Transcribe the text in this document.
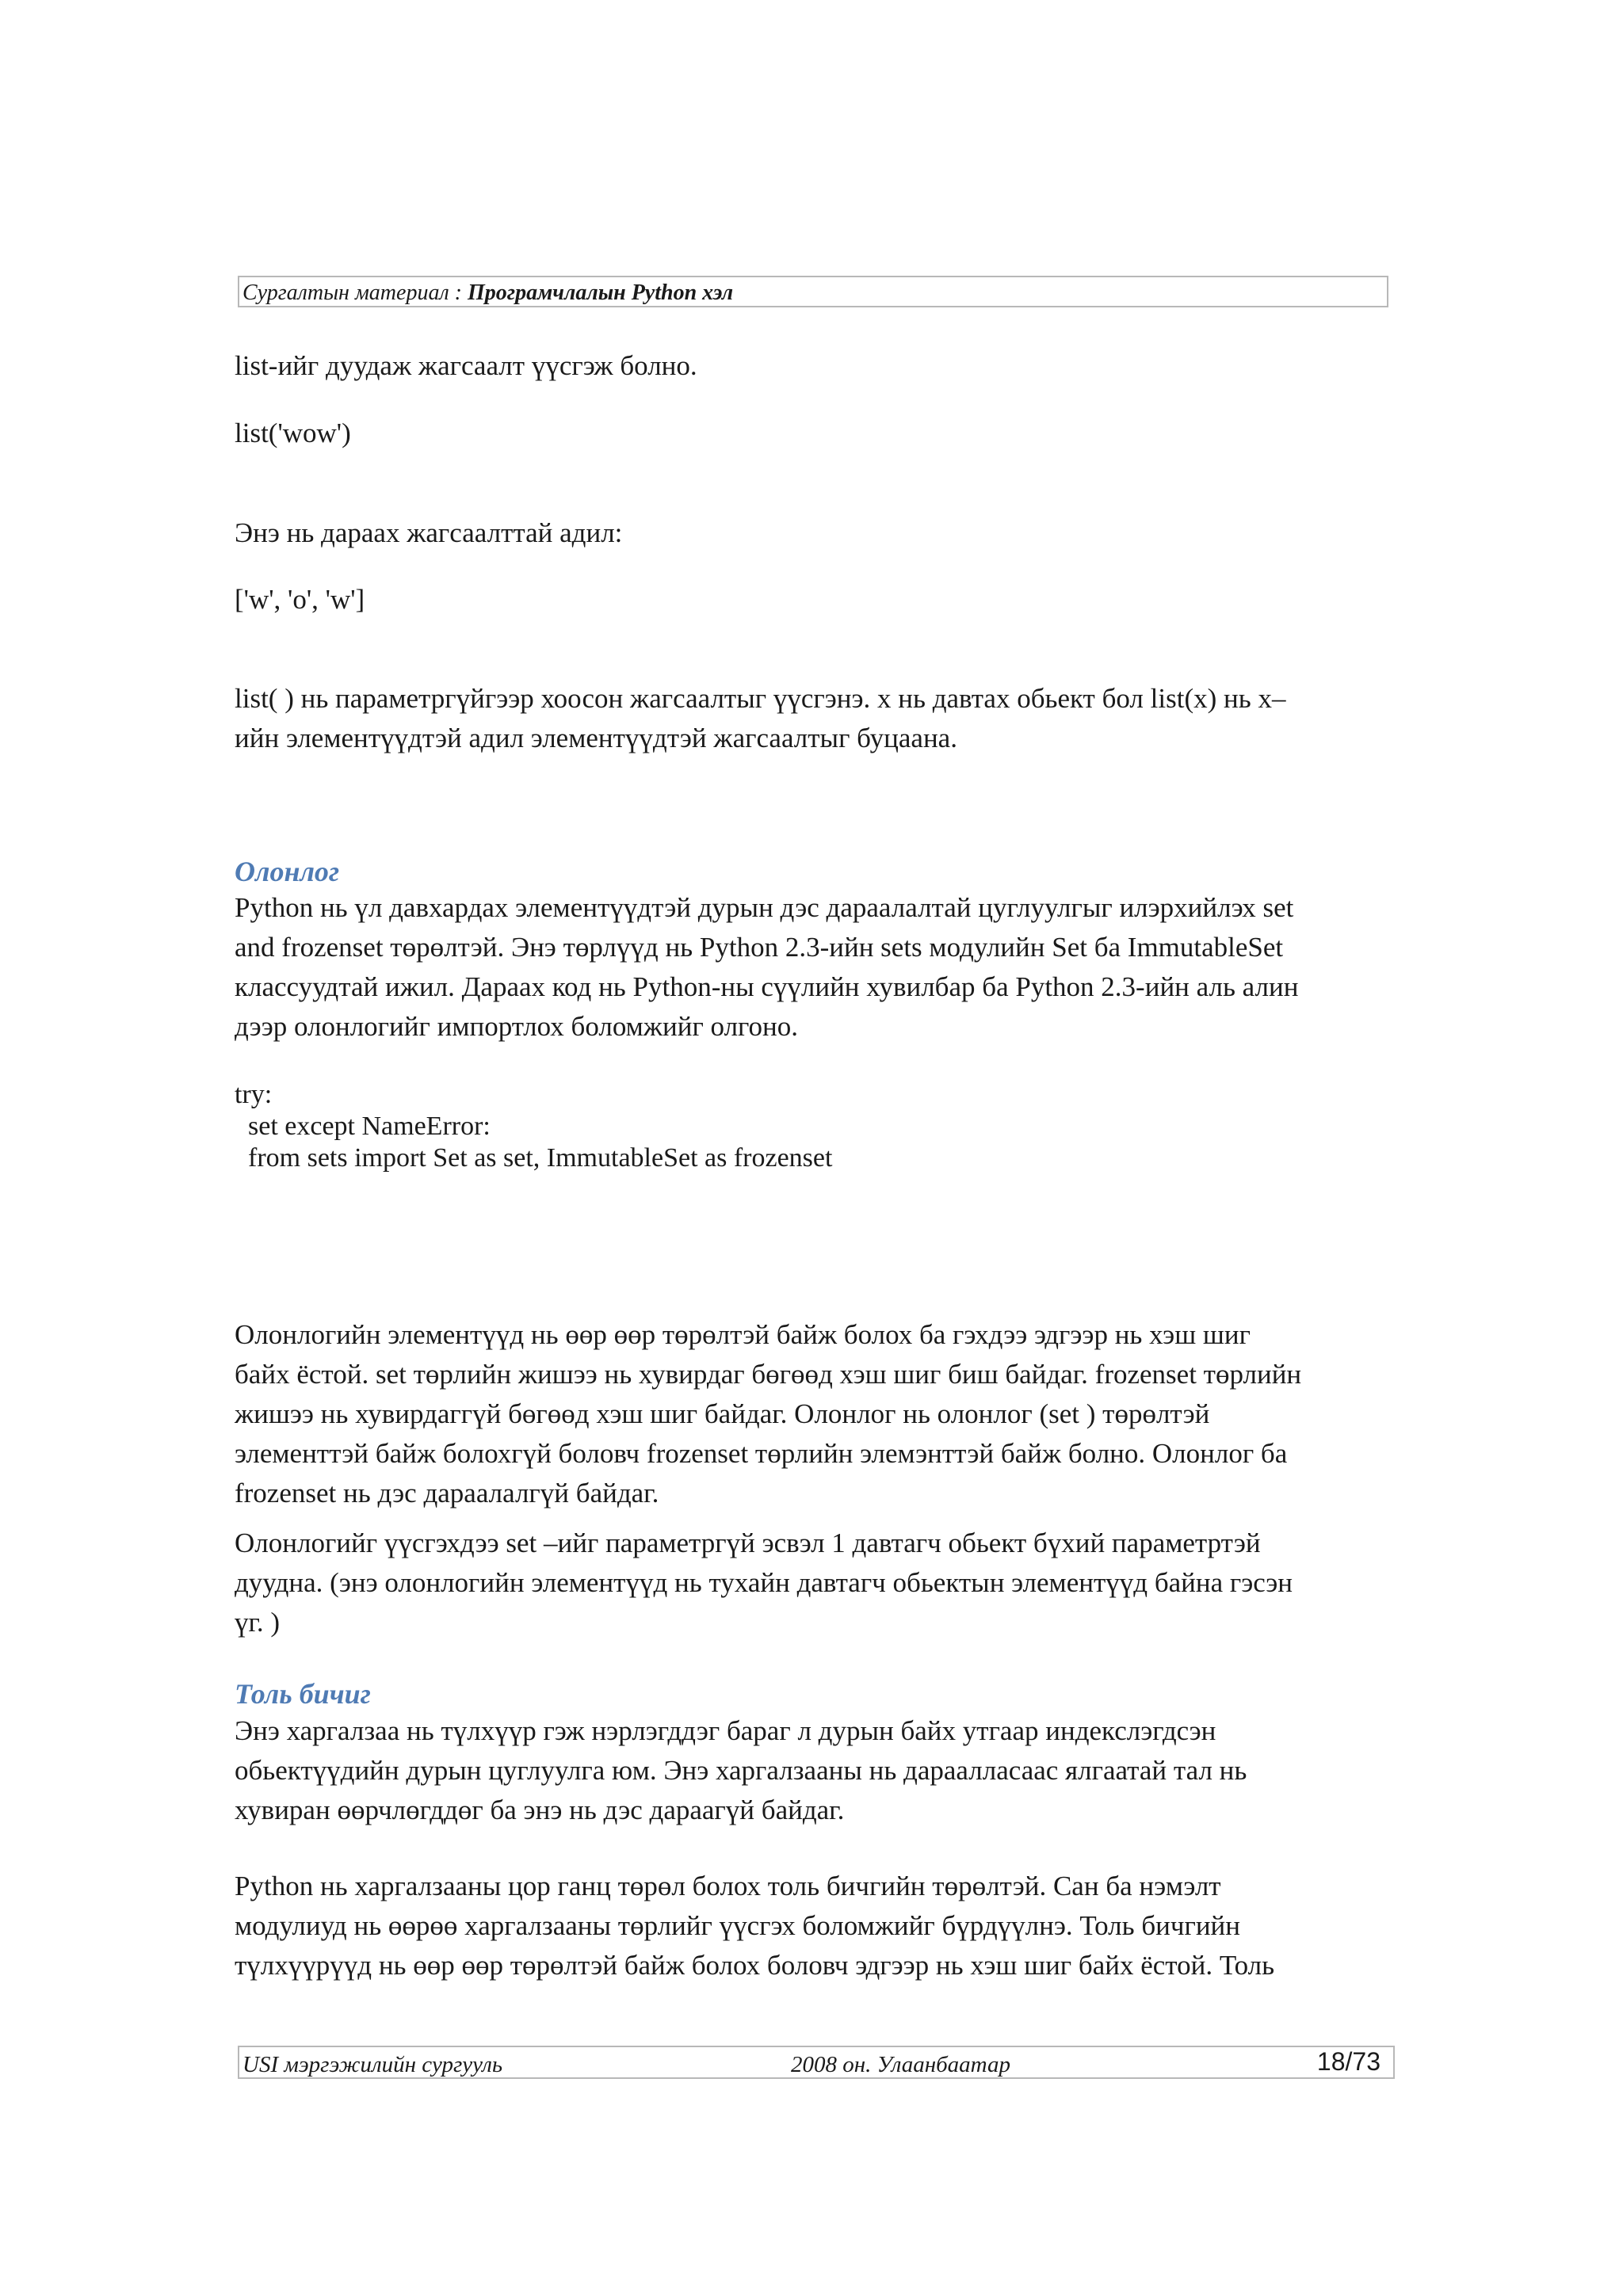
Сургалтын материал : Програмчлалын Python хэл

list-ийг дуудаж жагсаалт үүсгэж болно.

list('wow')

Энэ нь дараах жагсаалттай адил:

['w', 'o', 'w']

list( ) нь параметргүйгээр хоосон жагсаалтыг үүсгэнэ. x нь давтах обьект бол list(x) нь x–
ийн элементүүдтэй адил элементүүдтэй жагсаалтыг буцаана.
Олонлог
Python нь үл давхардах элементүүдтэй дурын дэс дараалалтай цуглуулгыг илэрхийлэх set
and frozenset төрөлтэй. Энэ төрлүүд нь Python 2.3-ийн sets модулийн Set ба ImmutableSet
классуудтай ижил. Дараах код нь Python-ны сүүлийн хувилбар ба Python 2.3-ийн аль алин
дээр олонлогийг импортлох боломжийг олгоно.
try:
set except NameError:
from sets import Set as set, ImmutableSet as frozenset
Олонлогийн элементүүд нь өөр өөр төрөлтэй байж болох ба гэхдээ эдгээр нь хэш шиг
байх ёстой. set төрлийн жишээ нь хувирдаг бөгөөд хэш шиг биш байдаг. frozenset төрлийн
жишээ нь хувирдаггүй бөгөөд хэш шиг байдаг. Олонлог нь олонлог (set ) төрөлтэй
элементтэй байж болохгүй боловч frozenset төрлийн элемэнттэй байж болно. Олонлог ба
frozenset нь дэс дараалалгүй байдаг.
Олонлогийг үүсгэхдээ set –ийг параметргүй эсвэл 1 давтагч обьект бүхий параметртэй
дуудна. (энэ олонлогийн элементүүд нь тухайн давтагч обьектын элементүүд байна гэсэн
үг. )
Толь бичиг
Энэ харгалзаа нь түлхүүр гэж нэрлэгддэг бараг л дурын байх утгаар индекслэгдсэн
обьектүүдийн дурын цуглуулга юм. Энэ харгалзааны нь дараалласаас ялгаатай тал нь
хувиран өөрчлөгддөг ба энэ нь дэс дараагүй байдаг.
Python нь харгалзааны цор ганц төрөл болох толь бичгийн төрөлтэй. Сан ба нэмэлт
модулиуд нь өөрөө харгалзааны төрлийг үүсгэх боломжийг бүрдүүлнэ. Толь бичгийн
түлхүүрүүд нь өөр өөр төрөлтэй байж болох боловч эдгээр нь хэш шиг байх ёстой. Толь
USI мэргэжилийн сургууль	2008 он. Улаанбаатар	18/73
